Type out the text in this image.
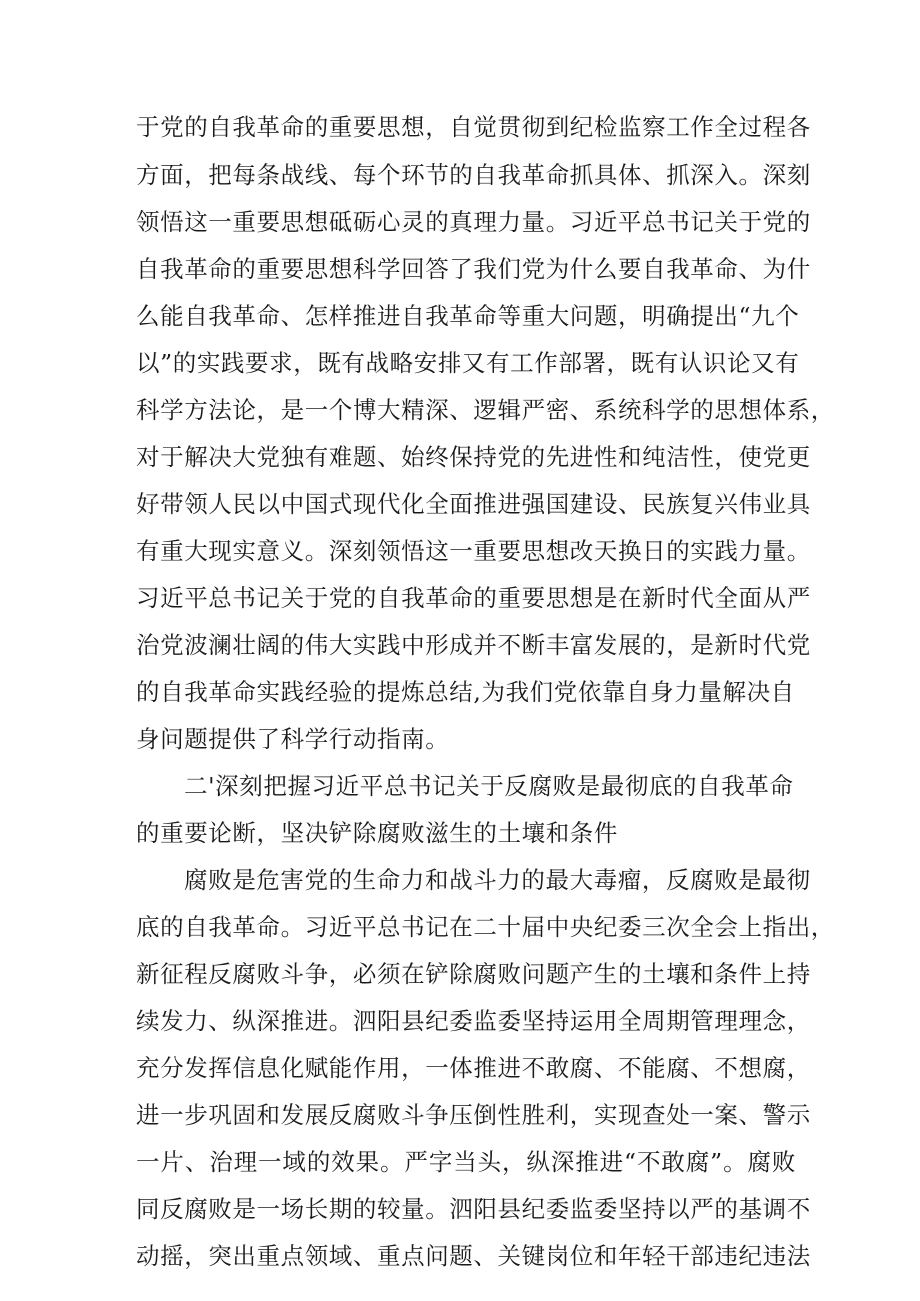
于党的自我革命的重要思想，自觉贯彻到纪检监察工作全过程各
方面，把每条战线、每个环节的自我革命抓具体、抓深入。深刻
领悟这一重要思想砥砺心灵的真理力量。习近平总书记关于党的
自我革命的重要思想科学回答了我们党为什么要自我革命、为什
么能自我革命、怎样推进自我革命等重大问题，明确提出“九个
以”的实践要求，既有战略安排又有工作部署，既有认识论又有
科学方法论，是一个博大精深、逻辑严密、系统科学的思想体系，
对于解决大党独有难题、始终保持党的先进性和纯洁性，使党更
好带领人民以中国式现代化全面推进强国建设、民族复兴伟业具
有重大现实意义。深刻领悟这一重要思想改天换日的实践力量。
习近平总书记关于党的自我革命的重要思想是在新时代全面从严
治党波澜壮阔的伟大实践中形成并不断丰富发展的，是新时代党
的自我革命实践经验的提炼总结,为我们党依靠自身力量解决自
身问题提供了科学行动指南。
二'深刻把握习近平总书记关于反腐败是最彻底的自我革命
的重要论断，坚决铲除腐败滋生的土壤和条件
腐败是危害党的生命力和战斗力的最大毒瘤，反腐败是最彻
底的自我革命。习近平总书记在二十届中央纪委三次全会上指出，
新征程反腐败斗争，必须在铲除腐败问题产生的土壤和条件上持
续发力、纵深推进。泗阳县纪委监委坚持运用全周期管理理念，
充分发挥信息化赋能作用，一体推进不敢腐、不能腐、不想腐，
进一步巩固和发展反腐败斗争压倒性胜利，实现查处一案、警示
一片、治理一域的效果。严字当头，纵深推进“不敢腐”。腐败
同反腐败是一场长期的较量。泗阳县纪委监委坚持以严的基调不
动摇，突出重点领域、重点问题、关键岗位和年轻干部违纪违法
